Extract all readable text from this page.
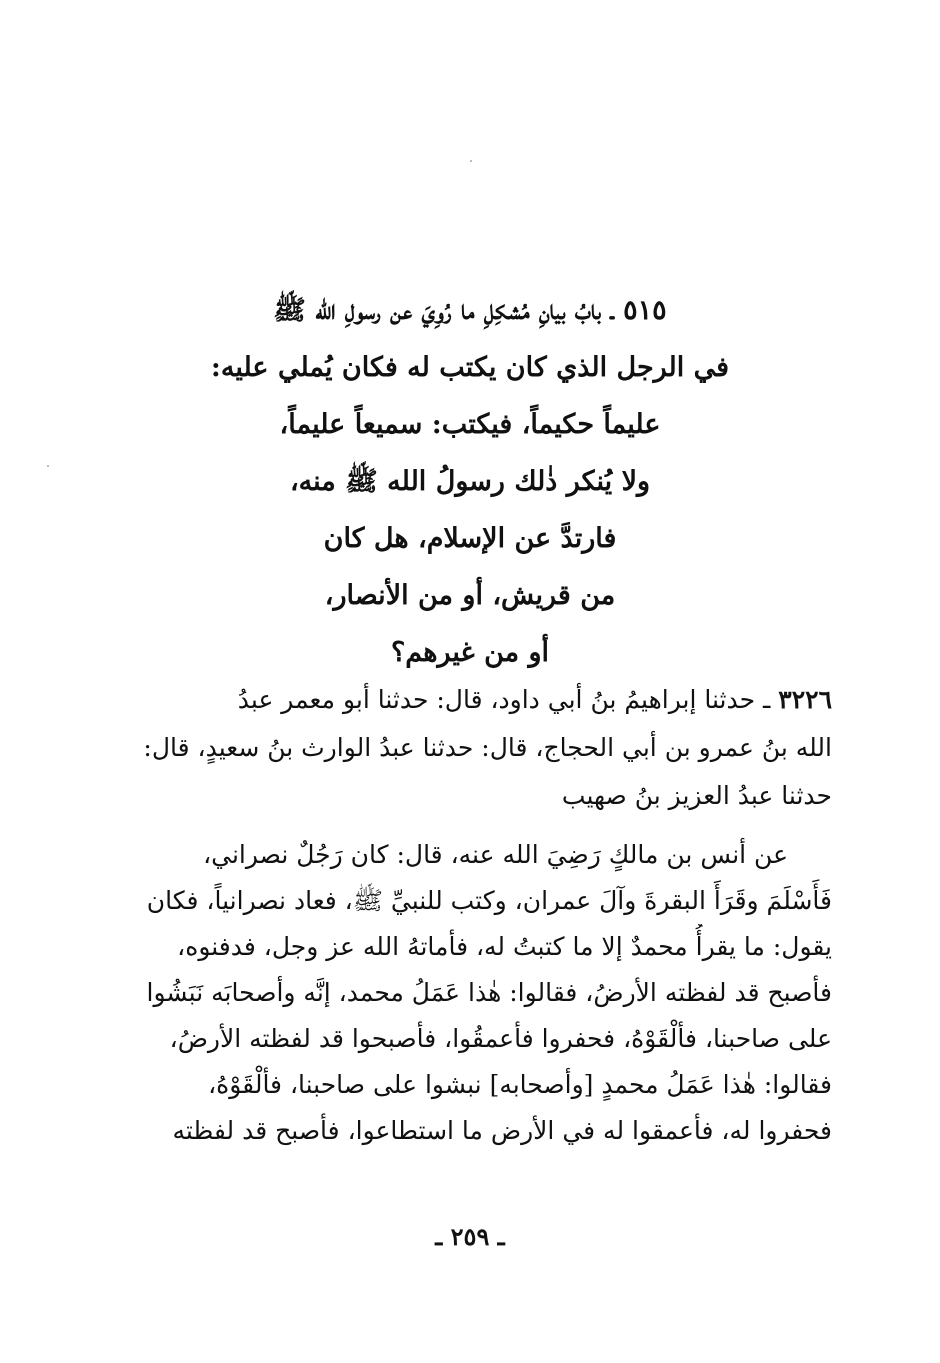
٥١٥ ـ بابُ بيانِ مُشكِلِ ما رُوِيَ عن رسولِ الله ﷺ
في الرجل الذي كان يكتب له فكان يُملي عليه:
عليماً حكيماً، فيكتب: سميعاً عليماً،
ولا يُنكر ذٰلك رسولُ الله ﷺ منه،
فارتدَّ عن الإسلام، هل كان
من قريش، أو من الأنصار،
أو من غيرهم؟
٣٢٢٦ ـ حدثنا إبراهيمُ بنُ أبي داود، قال: حدثنا أبو معمر عبدُ
الله بنُ عمرو بن أبي الحجاج، قال: حدثنا عبدُ الوارث بنُ سعيدٍ، قال:
حدثنا عبدُ العزيز بنُ صهيب
عن أنس بن مالكٍ رَضِيَ الله عنه، قال: كان رَجُلٌ نصراني،
فَأَسْلَمَ وقَرَأَ البقرةَ وآلَ عمران، وكتب للنبيِّ ﷺ، فعاد نصرانياً، فكان
يقول: ما يقرأُ محمدٌ إلا ما كتبتُ له، فأماتهُ الله عز وجل، فدفنوه،
فأصبح قد لفظته الأرضُ، فقالوا: هٰذا عَمَلُ محمد، إنَّه وأصحابَه نَبَشُوا
على صاحبنا، فألْقَوْهُ، فحفروا فأعمقُوا، فأصبحوا قد لفظته الأرضُ،
فقالوا: هٰذا عَمَلُ محمدٍ [وأصحابه] نبشوا على صاحبنا، فألْقَوْهُ،
فحفروا له، فأعمقوا له في الأرض ما استطاعوا، فأصبح قد لفظته
ـ ٢٥٩ ـ
